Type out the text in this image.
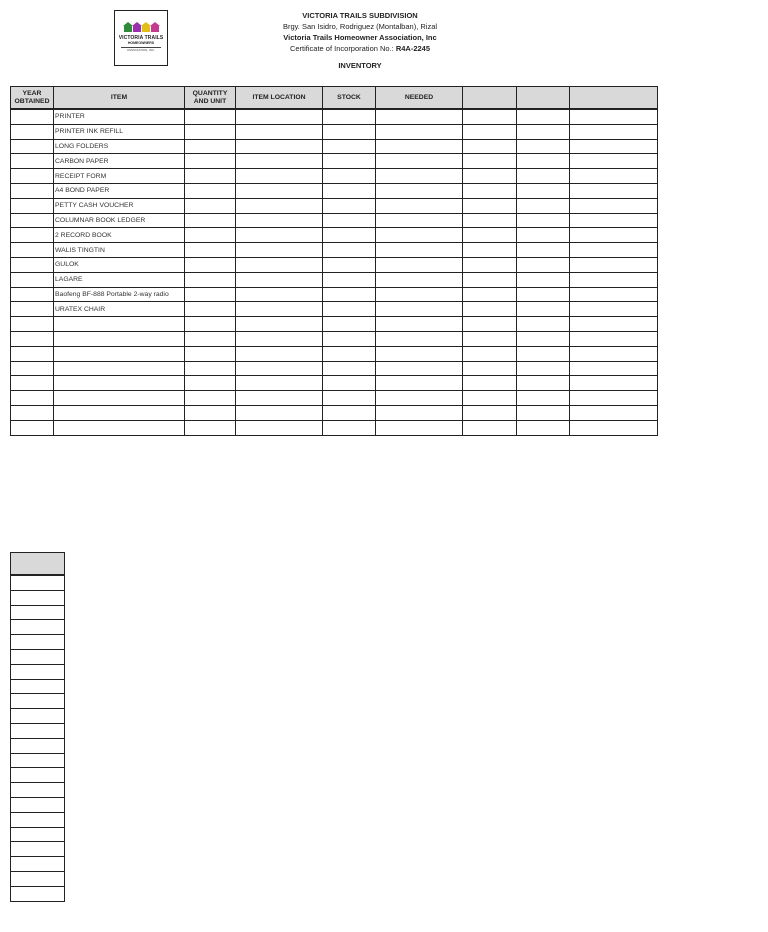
VICTORIA TRAILS
HOMEOWNERS
ASSOCIATION, INC.
VICTORIA TRAILS SUBDIVISION
Brgy. San Isidro, Rodriguez (Montalban), Rizal
Victoria Trails Homeowner Association, Inc
Certificate of Incorporation No.: R4A-2245
INVENTORY
YEAR OBTAINED	ITEM	QUANTITY AND UNIT	ITEM LOCATION	STOCK	NEEDED			
	PRINTER							
	PRINTER INK REFILL							
	LONG FOLDERS							
	CARBON PAPER							
	RECEIPT FORM							
	A4 BOND PAPER							
	PETTY CASH VOUCHER							
	COLUMNAR BOOK LEDGER							
	2 RECORD BOOK							
	WALIS TINGTIN							
	GULOK							
	LAGARE							
	Baofeng BF-888 Portable 2-way radio							
	URATEX CHAIR							
